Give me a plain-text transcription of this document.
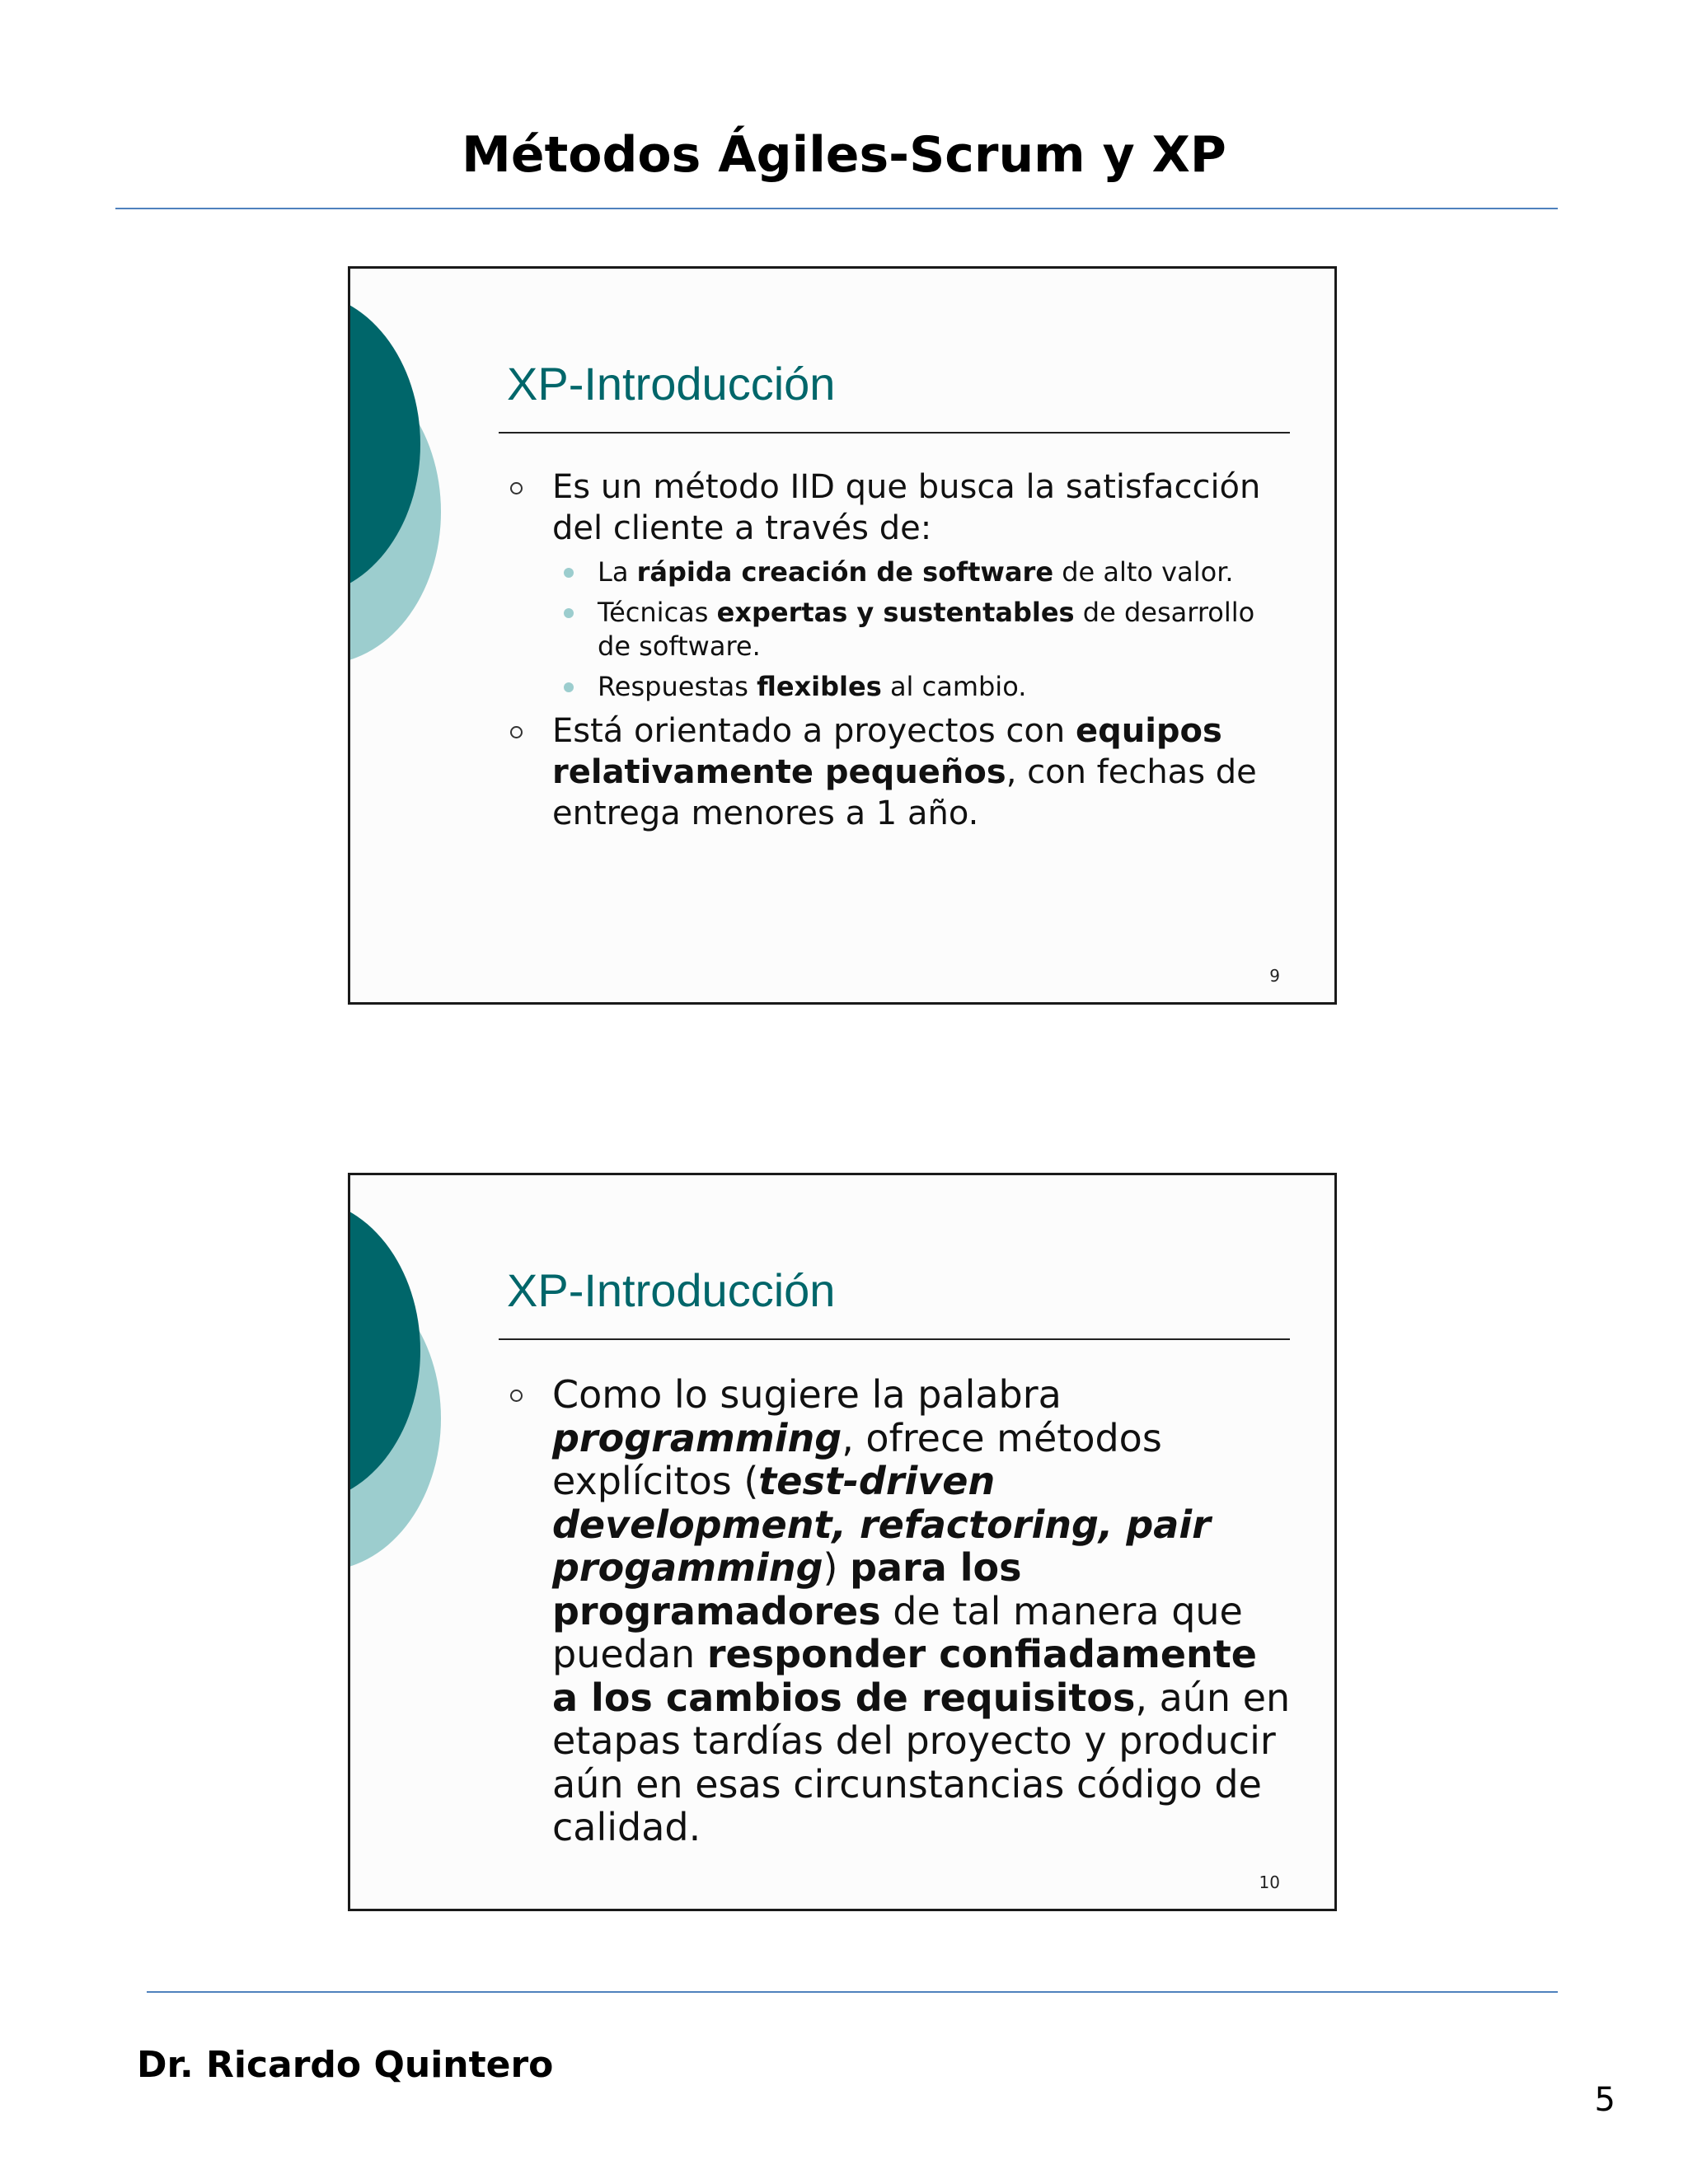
Métodos Ágiles-Scrum y XP
XP-Introducción
Es un método IID que busca la satisfacción del cliente a través de:
La rápida creación de software de alto valor.
Técnicas expertas y sustentables de desarrollo de software.
Respuestas flexibles al cambio.
Está orientado a proyectos con equipos relativamente pequeños, con fechas de entrega menores a 1 año.
9
XP-Introducción
Como lo sugiere la palabra programming, ofrece métodos explícitos (test-driven development, refactoring, pair progamming) para los programadores de tal manera que puedan responder confiadamente a los cambios de requisitos, aún en etapas tardías del proyecto y producir aún en esas circunstancias código de calidad.
10
Dr. Ricardo Quintero
5
